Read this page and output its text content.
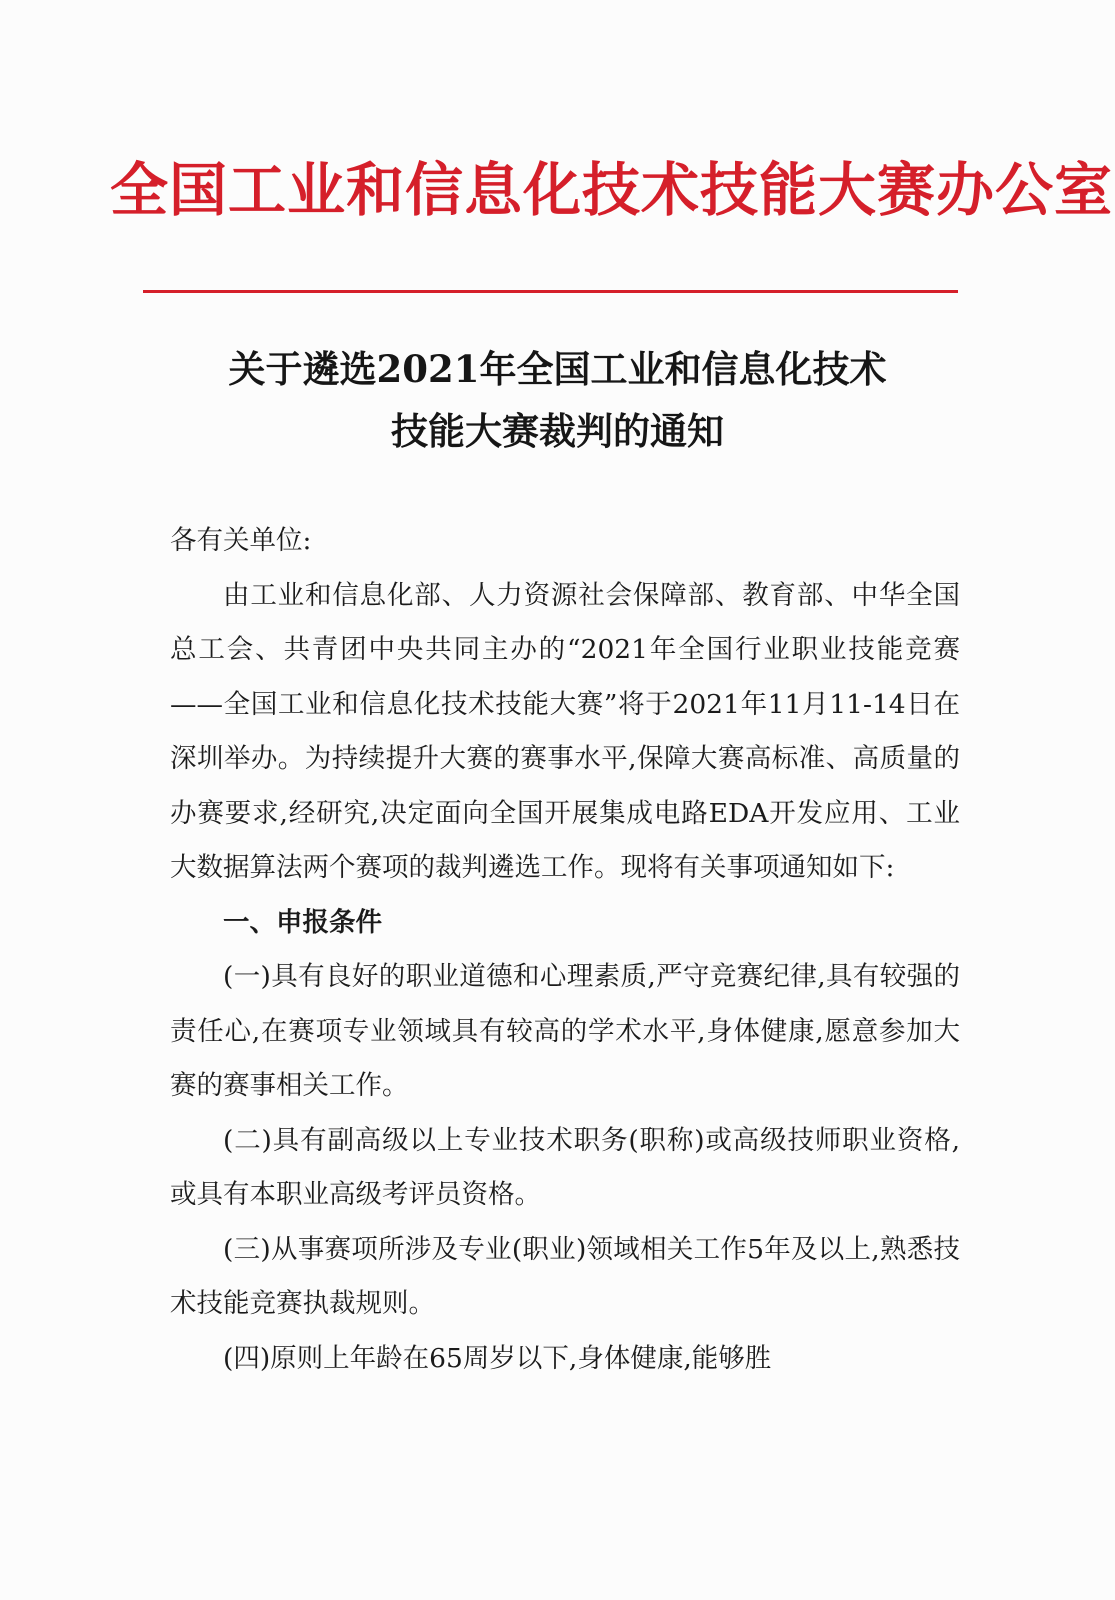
全国工业和信息化技术技能大赛办公室
关于遴选2021年全国工业和信息化技术
技能大赛裁判的通知

各有关单位:

由工业和信息化部、人力资源社会保障部、教育部、中华全国总工会、共青团中央共同主办的“2021年全国行业职业技能竞赛——全国工业和信息化技术技能大赛”将于2021年11月11-14日在深圳举办。为持续提升大赛的赛事水平,保障大赛高标准、高质量的办赛要求,经研究,决定面向全国开展集成电路EDA开发应用、工业大数据算法两个赛项的裁判遴选工作。现将有关事项通知如下:

一、申报条件

(一)具有良好的职业道德和心理素质,严守竞赛纪律,具有较强的责任心,在赛项专业领域具有较高的学术水平,身体健康,愿意参加大赛的赛事相关工作。

(二)具有副高级以上专业技术职务(职称)或高级技师职业资格,或具有本职业高级考评员资格。

(三)从事赛项所涉及专业(职业)领域相关工作5年及以上,熟悉技术技能竞赛执裁规则。

(四)原则上年龄在65周岁以下,身体健康,能够胜
